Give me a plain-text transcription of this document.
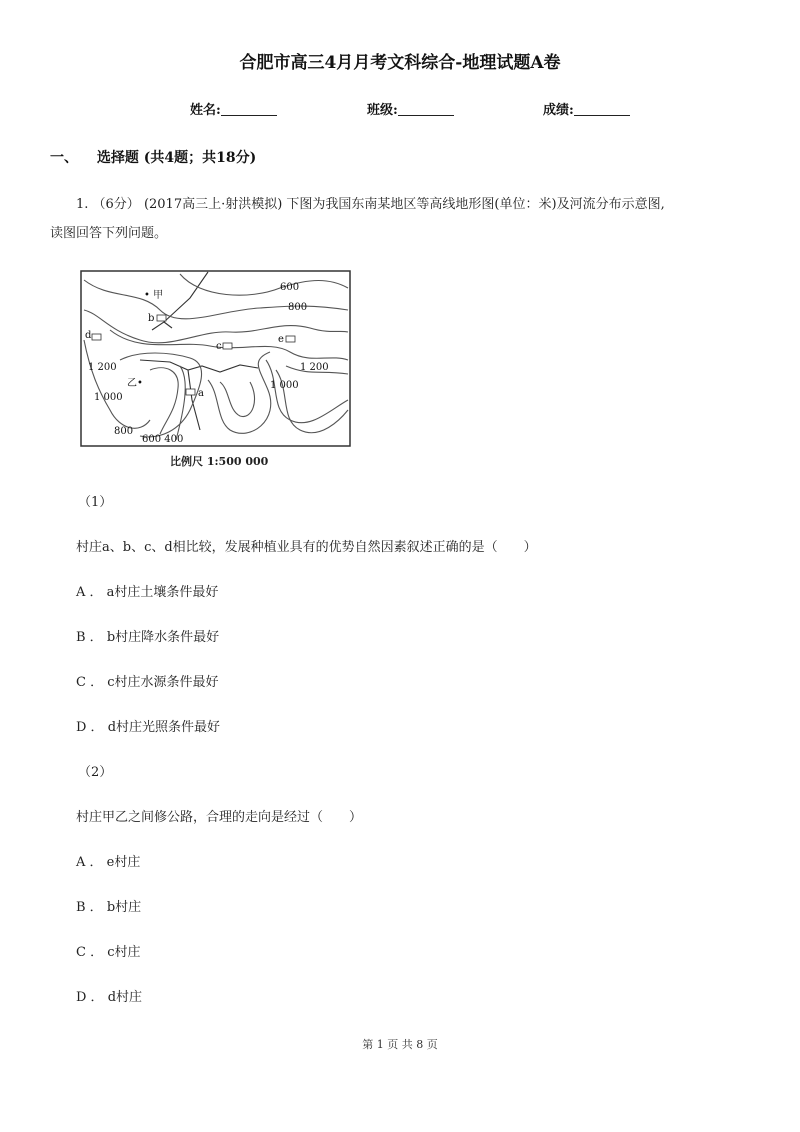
合肥市高三4月月考文科综合-地理试题A卷
姓名:	班级:	成绩:
一、 选择题 (共4题；共18分)
1. （6分） (2017高三上·射洪模拟) 下图为我国东南某地区等高线地形图(单位：米)及河流分布示意图,
读图回答下列问题。
• 甲
乙•
a
b
c
d	e
600
800
1 200	1 200
1 000
1 000
800
600 400
比例尺 1:500 000
（1）
村庄a、b、c、d相比较，发展种植业具有的优势自然因素叙述正确的是（　　）
A ． a村庄土壤条件最好
B ． b村庄降水条件最好
C ． c村庄水源条件最好
D ． d村庄光照条件最好
（2）
村庄甲乙之间修公路，合理的走向是经过（　　）
A ． e村庄
B ． b村庄
C ． c村庄
D ． d村庄
第 1 页 共 8 页
